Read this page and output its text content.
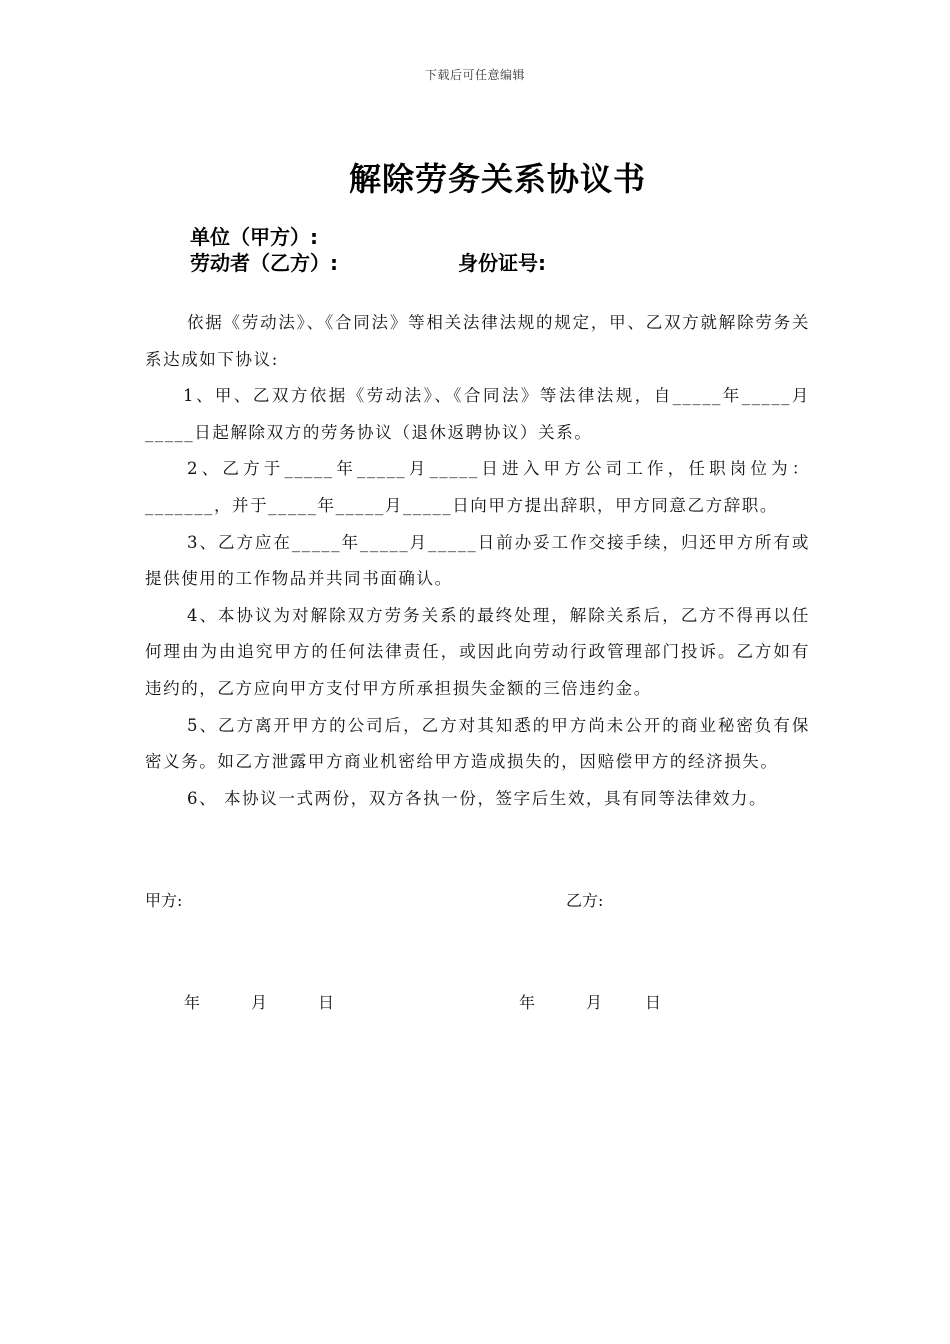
下载后可任意编辑
解除劳务关系协议书
单位（甲方）:
劳动者（乙方）:	身份证号:

依据《劳动法》、《合同法》等相关法律法规的规定，甲、乙双方就解除劳务关系达成如下协议:

1、甲、乙双方依据《劳动法》、《合同法》等法律法规，自_____年_____月_____日起解除双方的劳务协议（退休返聘协议）关系。

2、乙方于_____年_____月_____日进入甲方公司工作，任职岗位为：_______，并于_____年_____月_____日向甲方提出辞职，甲方同意乙方辞职。

3、乙方应在_____年_____月_____日前办妥工作交接手续，归还甲方所有或提供使用的工作物品并共同书面确认。

4、本协议为对解除双方劳务关系的最终处理，解除关系后，乙方不得再以任何理由为由追究甲方的任何法律责任，或因此向劳动行政管理部门投诉。乙方如有违约的，乙方应向甲方支付甲方所承担损失金额的三倍违约金。

5、乙方离开甲方的公司后，乙方对其知悉的甲方尚未公开的商业秘密负有保密义务。如乙方泄露甲方商业机密给甲方造成损失的，因赔偿甲方的经济损失。

6、 本协议一式两份，双方各执一份，签字后生效，具有同等法律效力。

甲方:	乙方:
年	月	日	年	月	日
